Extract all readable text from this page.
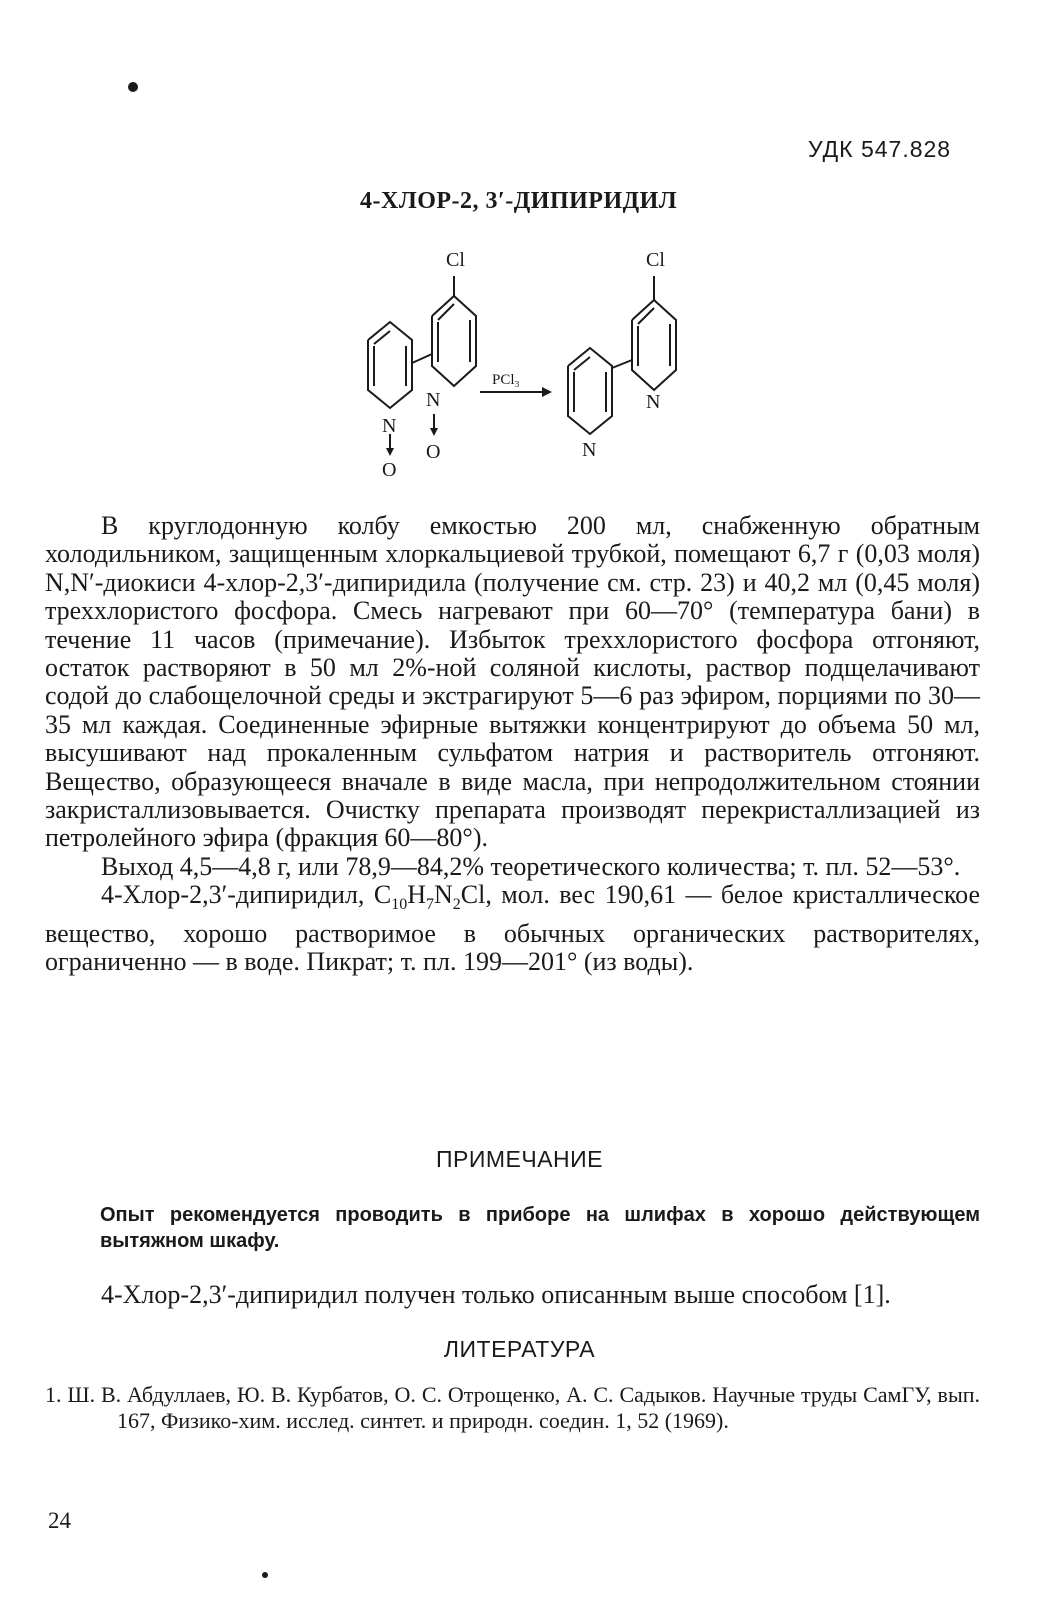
УДК 547.828
4-ХЛОР-2, 3′-ДИПИРИДИЛ
Cl
N
O
N
O
PCl₃
Cl
N
N

В круглодонную колбу емкостью 200 мл, снабженную обратным холодильником, защищенным хлоркальциевой трубкой, помещают 6,7 г (0,03 моля) N,N′-диокиси 4-хлор-2,3′-дипиридила (получение см. стр. 23) и 40,2 мл (0,45 моля) треххлористого фосфора. Смесь нагревают при 60—70° (температура бани) в течение 11 часов (примечание). Избыток треххлористого фосфора отгоняют, остаток растворяют в 50 мл 2%-ной соляной кислоты, раствор подщелачивают содой до слабощелочной среды и экстрагируют 5—6 раз эфиром, порциями по 30—35 мл каждая. Соединенные эфирные вытяжки концентрируют до объема 50 мл, высушивают над прокаленным сульфатом натрия и растворитель отгоняют. Вещество, образующееся вначале в виде масла, при непродолжительном стоянии закристаллизовывается. Очистку препарата производят перекристаллизацией из петролейного эфира (фракция 60—80°).

Выход 4,5—4,8 г, или 78,9—84,2% теоретического количества; т. пл. 52—53°.

4-Хлор-2,3′-дипиридил, $C_{10}H_7N_2Cl$, мол. вес 190,61 — белое кристаллическое вещество, хорошо растворимое в обычных органических растворителях, ограниченно — в воде. Пикрат; т. пл. 199—201° (из воды).

ПРИМЕЧАНИЕ
Опыт рекомендуется проводить в приборе на шлифах в хорошо действующем вытяжном шкафу.

4-Хлор-2,3′-дипиридил получен только описанным выше способом [1].

ЛИТЕРАТУРА
1. Ш. В. Абдуллаев, Ю. В. Курбатов, О. С. Отрощенко, А. С. Садыков. Научные труды СамГУ, вып. 167, Физико-хим. исслед. синтет. и природн. соедин. 1, 52 (1969).
24
